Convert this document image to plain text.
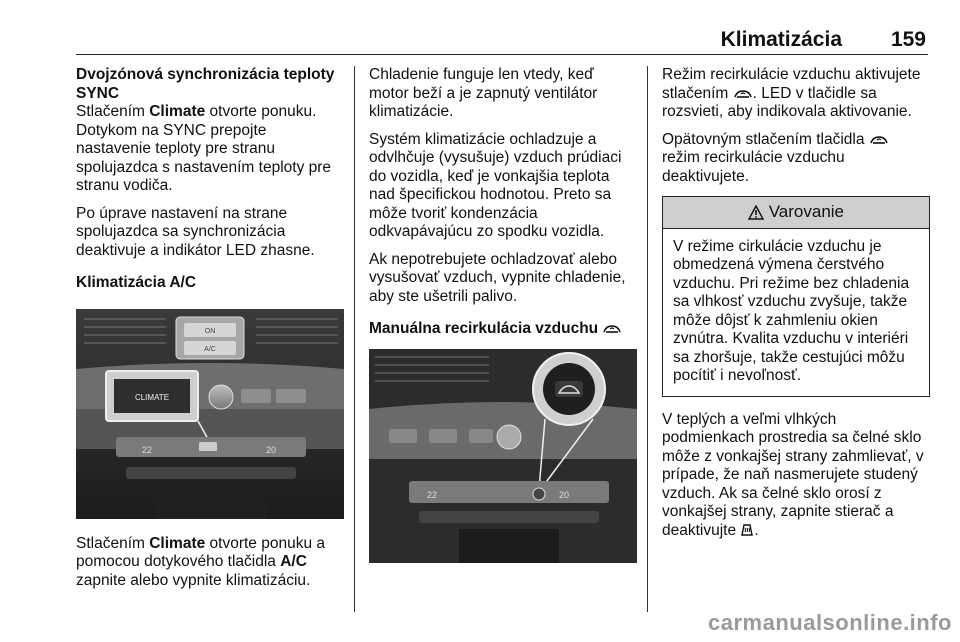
Klimatizácia 159

Dvojzónová synchronizácia teploty SYNC

Stlačením Climate otvorte ponuku. Dotykom na SYNC prepojte nastavenie teploty pre stranu spolujazdca s nastavením teploty pre stranu vodiča.

Po úprave nastavení na strane spolujazdca sa synchronizácia deaktivuje a indikátor LED zhasne.

Klimatizácia A/C

ON
A/C
CLIMATE
22	20

Stlačením Climate otvorte ponuku a pomocou dotykového tlačidla A/C zapnite alebo vypnite klimatizáciu.

Chladenie funguje len vtedy, keď motor beží a je zapnutý ventilátor klimatizácie.

Systém klimatizácie ochladzuje a odvlhčuje (vysušuje) vzduch prúdiaci do vozidla, keď je vonkajšia teplota nad špecifickou hodnotou. Preto sa môže tvoriť kondenzácia odkvapávajúcu zo spodku vozidla.

Ak nepotrebujete ochladzovať alebo vysušovať vzduch, vypnite chladenie, aby ste ušetrili palivo.

Manuálna recirkulácia vzduchu

22	20

Režim recirkulácie vzduchu aktivujete stlačením . LED v tlačidle sa rozsvieti, aby indikovala aktivovanie.

Opätovným stlačením tlačidla  režim recirkulácie vzduchu deaktivujete.

Varovanie
V režime cirkulácie vzduchu je obmedzená výmena čerstvého vzduchu. Pri režime bez chladenia sa vlhkosť vzduchu zvyšuje, takže môže dôjsť k zahmleniu okien zvnútra. Kvalita vzduchu v interiéri sa zhoršuje, takže cestujúci môžu pocítiť i nevoľnosť.

V teplých a veľmi vlhkých podmienkach prostredia sa čelné sklo môže z vonkajšej strany zahmlievať, v prípade, že naň nasmerujete studený vzduch. Ak sa čelné sklo orosí z vonkajšej strany, zapnite stierač a deaktivujte .

carmanualsonline.info
